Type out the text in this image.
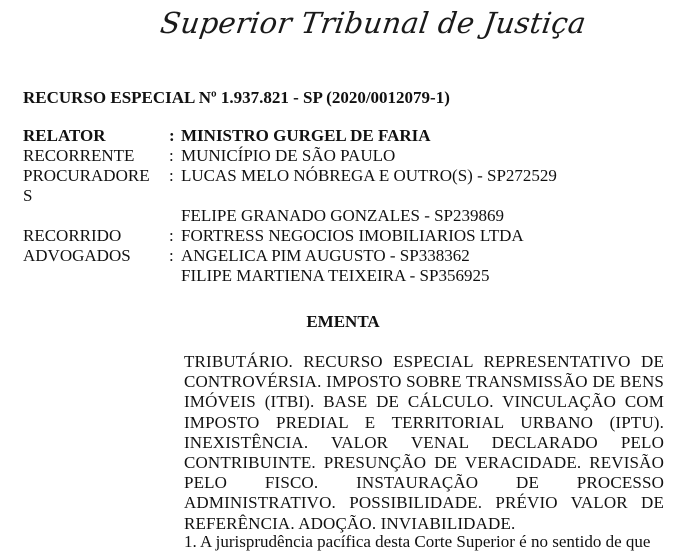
Superior Tribunal de Justiça
RECURSO ESPECIAL Nº 1.937.821 - SP (2020/0012079-1)
RELATOR	: MINISTRO GURGEL DE FARIA
RECORRENTE	: MUNICÍPIO DE SÃO PAULO
PROCURADORE	: LUCAS MELO NÓBREGA E OUTRO(S) - SP272529
S
FELIPE GRANADO GONZALES - SP239869
RECORRIDO	: FORTRESS NEGOCIOS IMOBILIARIOS LTDA
ADVOGADOS	: ANGELICA PIM AUGUSTO - SP338362
FILIPE MARTIENA TEIXEIRA - SP356925
EMENTA
TRIBUTÁRIO. RECURSO ESPECIAL REPRESENTATIVO DE CONTROVÉRSIA. IMPOSTO SOBRE TRANSMISSÃO DE BENS IMÓVEIS (ITBI). BASE DE CÁLCULO. VINCULAÇÃO COM IMPOSTO PREDIAL E TERRITORIAL URBANO (IPTU). INEXISTÊNCIA. VALOR VENAL DECLARADO PELO CONTRIBUINTE. PRESUNÇÃO DE VERACIDADE. REVISÃO PELO FISCO. INSTAURAÇÃO DE PROCESSO ADMINISTRATIVO. POSSIBILIDADE. PRÉVIO VALOR DE REFERÊNCIA. ADOÇÃO. INVIABILIDADE.
1. A jurisprudência pacífica desta Corte Superior é no sentido de que
